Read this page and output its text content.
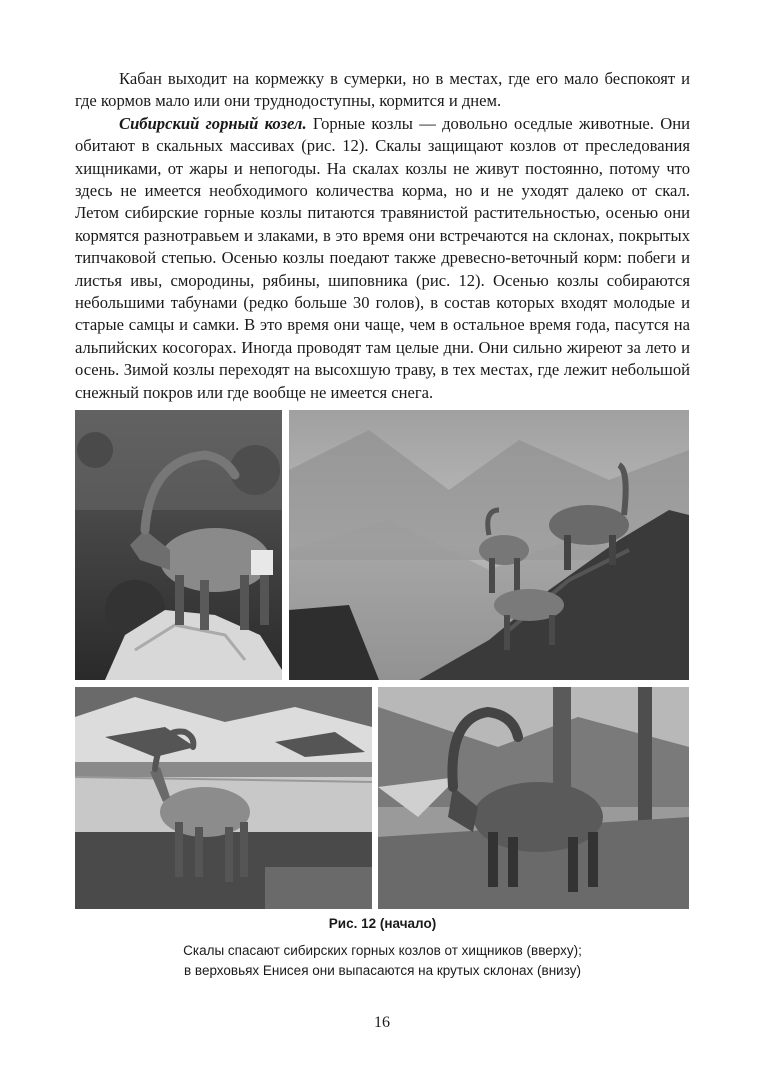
Кабан выходит на кормежку в сумерки, но в местах, где его мало беспокоят и где кормов мало или они труднодоступны, кормится и днем.

Сибирский горный козел. Горные козлы — довольно оседлые животные. Они обитают в скальных массивах (рис. 12). Скалы защищают козлов от преследования хищниками, от жары и непогоды. На скалах козлы не живут постоянно, потому что здесь не имеется необходимого количества корма, но и не уходят далеко от скал. Летом сибирские горные козлы питаются травянистой растительностью, осенью они кормятся разнотравьем и злаками, в это время они встречаются на склонах, покрытых типчаковой степью. Осенью козлы поедают также древесно-веточный корм: побеги и листья ивы, смородины, рябины, шиповника (рис. 12). Осенью козлы собираются небольшими табунами (редко больше 30 голов), в состав которых входят молодые и старые самцы и самки. В это время они чаще, чем в остальное время года, пасутся на альпийских косогорах. Иногда проводят там целые дни. Они сильно жиреют за лето и осень. Зимой козлы переходят на высохшую траву, в тех местах, где лежит небольшой снежный покров или где вообще не имеется снега.

Рис. 12 (начало)
Скалы спасают сибирских горных козлов от хищников (вверху);
в верховьях Енисея они выпасаются на крутых склонах (внизу)
16
